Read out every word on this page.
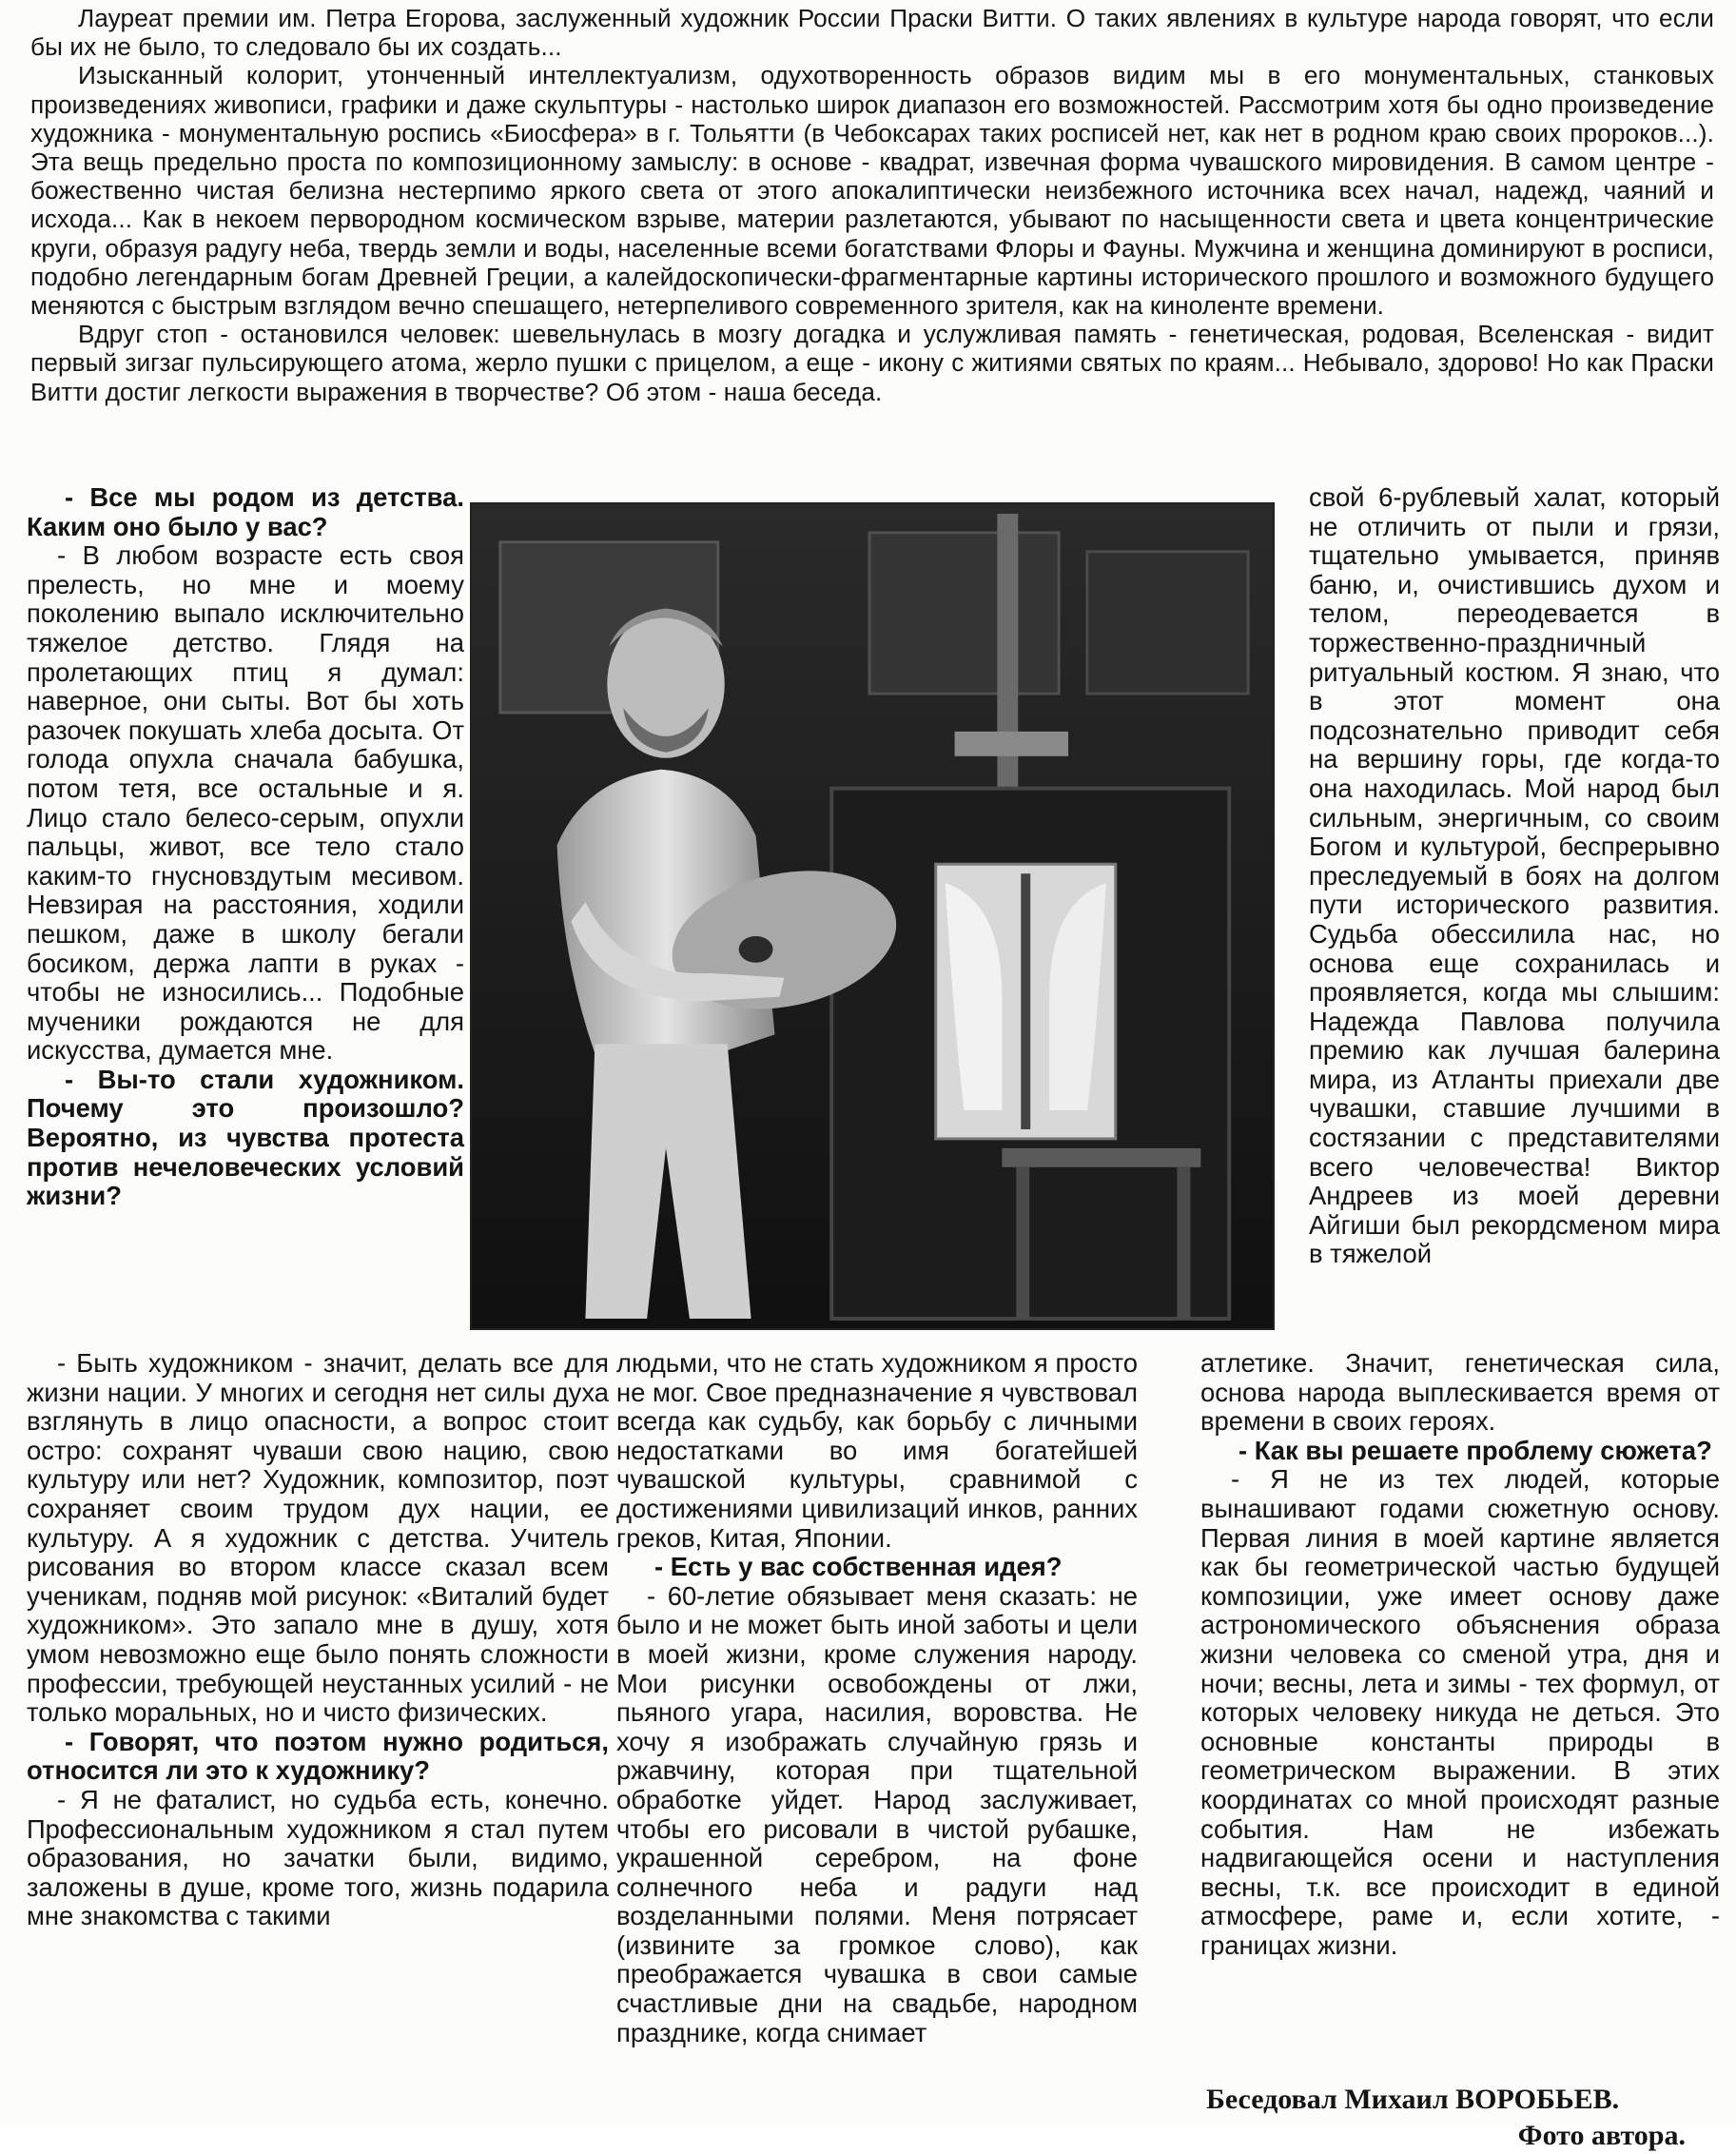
Лауреат премии им. Петра Егорова, заслуженный художник России Праски Витти. О таких явлениях в культуре народа говорят, что если бы их не было, то следовало бы их создать...

Изысканный колорит, утонченный интеллектуализм, одухотворенность образов видим мы в его монументальных, станковых произведениях живописи, графики и даже скульптуры - настолько широк диапазон его возможностей. Рассмотрим хотя бы одно произведение художника - монументальную роспись «Биосфера» в г. Тольятти (в Чебоксарах таких росписей нет, как нет в родном краю своих пророков...). Эта вещь предельно проста по композиционному замыслу: в основе - квадрат, извечная форма чувашского мировидения. В самом центре - божественно чистая белизна нестерпимо яркого света от этого апокалиптически неизбежного источника всех начал, надежд, чаяний и исхода... Как в некоем первородном космическом взрыве, материи разлетаются, убывают по насыщенности света и цвета концентрические круги, образуя радугу неба, твердь земли и воды, населенные всеми богатствами Флоры и Фауны. Мужчина и женщина доминируют в росписи, подобно легендарным богам Древней Греции, а калейдоскопически-фрагментарные картины исторического прошлого и возможного будущего меняются с быстрым взглядом вечно спешащего, нетерпеливого современного зрителя, как на киноленте времени.

Вдруг стоп - остановился человек: шевельнулась в мозгу догадка и услужливая память - генетическая, родовая, Вселенская - видит первый зигзаг пульсирующего атома, жерло пушки с прицелом, а еще - икону с житиями святых по краям... Небывало, здорово! Но как Праски Витти достиг легкости выражения в творчестве? Об этом - наша беседа.

- Все мы родом из детства. Каким оно было у вас?

- В любом возрасте есть своя прелесть, но мне и моему поколению выпало исключительно тяжелое детство. Глядя на пролетающих птиц я думал: наверное, они сыты. Вот бы хоть разочек покушать хлеба досыта. От голода опухла сначала бабушка, потом тетя, все остальные и я. Лицо стало белесо-серым, опухли пальцы, живот, все тело стало каким-то гнусновздутым месивом. Невзирая на расстояния, ходили пешком, даже в школу бегали босиком, держа лапти в руках - чтобы не износились... Подобные мученики рождаются не для искусства, думается мне.

- Вы-то стали художником. Почему это произошло? Вероятно, из чувства протеста против нечеловеческих условий жизни?

- Быть художником - значит, делать все для жизни нации. У многих и сегодня нет силы духа взглянуть в лицо опасности, а вопрос стоит остро: сохранят чуваши свою нацию, свою культуру или нет? Художник, композитор, поэт сохраняет своим трудом дух нации, ее культуру. А я художник с детства. Учитель рисования во втором классе сказал всем ученикам, подняв мой рисунок: «Виталий будет художником». Это запало мне в душу, хотя умом невозможно еще было понять сложности профессии, требующей неустанных усилий - не только моральных, но и чисто физических.

- Говорят, что поэтом нужно родиться, относится ли это к художнику?

- Я не фаталист, но судьба есть, конечно. Профессиональным художником я стал путем образования, но зачатки были, видимо, заложены в душе, кроме того, жизнь подарила мне знакомства с такими

людьми, что не стать художником я просто не мог. Свое предназначение я чувствовал всегда как судьбу, как борьбу с личными недостатками во имя богатейшей чувашской культуры, сравнимой с достижениями цивилизаций инков, ранних греков, Китая, Японии.

- Есть у вас собственная идея?

- 60-летие обязывает меня сказать: не было и не может быть иной заботы и цели в моей жизни, кроме служения народу. Мои рисунки освобождены от лжи, пьяного угара, насилия, воровства. Не хочу я изображать случайную грязь и ржавчину, которая при тщательной обработке уйдет. Народ заслуживает, чтобы его рисовали в чистой рубашке, украшенной серебром, на фоне солнечного неба и радуги над возделанными полями. Меня потрясает (извините за громкое слово), как преображается чувашка в свои самые счастливые дни на свадьбе, народном празднике, когда снимает

свой 6-рублевый халат, который не отличить от пыли и грязи, тщательно умывается, приняв баню, и, очистившись духом и телом, переодевается в торжественно-праздничный ритуальный костюм. Я знаю, что в этот момент она подсознательно приводит себя на вершину горы, где когда-то она находилась. Мой народ был сильным, энергичным, со своим Богом и культурой, беспрерывно преследуемый в боях на долгом пути исторического развития. Судьба обессилила нас, но основа еще сохранилась и проявляется, когда мы слышим: Надежда Павлова получила премию как лучшая балерина мира, из Атланты приехали две чувашки, ставшие лучшими в состязании с представителями всего человечества! Виктор Андреев из моей деревни Айгиши был рекордсменом мира в тяжелой

атлетике. Значит, генетическая сила, основа народа выплескивается время от времени в своих героях.

- Как вы решаете проблему сюжета?

- Я не из тех людей, которые вынашивают годами сюжетную основу. Первая линия в моей картине является как бы геометрической частью будущей композиции, уже имеет основу даже астрономического объяснения образа жизни человека со сменой утра, дня и ночи; весны, лета и зимы - тех формул, от которых человеку никуда не деться. Это основные константы природы в геометрическом выражении. В этих координатах со мной происходят разные события. Нам не избежать надвигающейся осени и наступления весны, т.к. все происходит в единой атмосфере, раме и, если хотите, - границах жизни.

Беседовал Михаил ВОРОБЬЕВ.
Фото автора.
